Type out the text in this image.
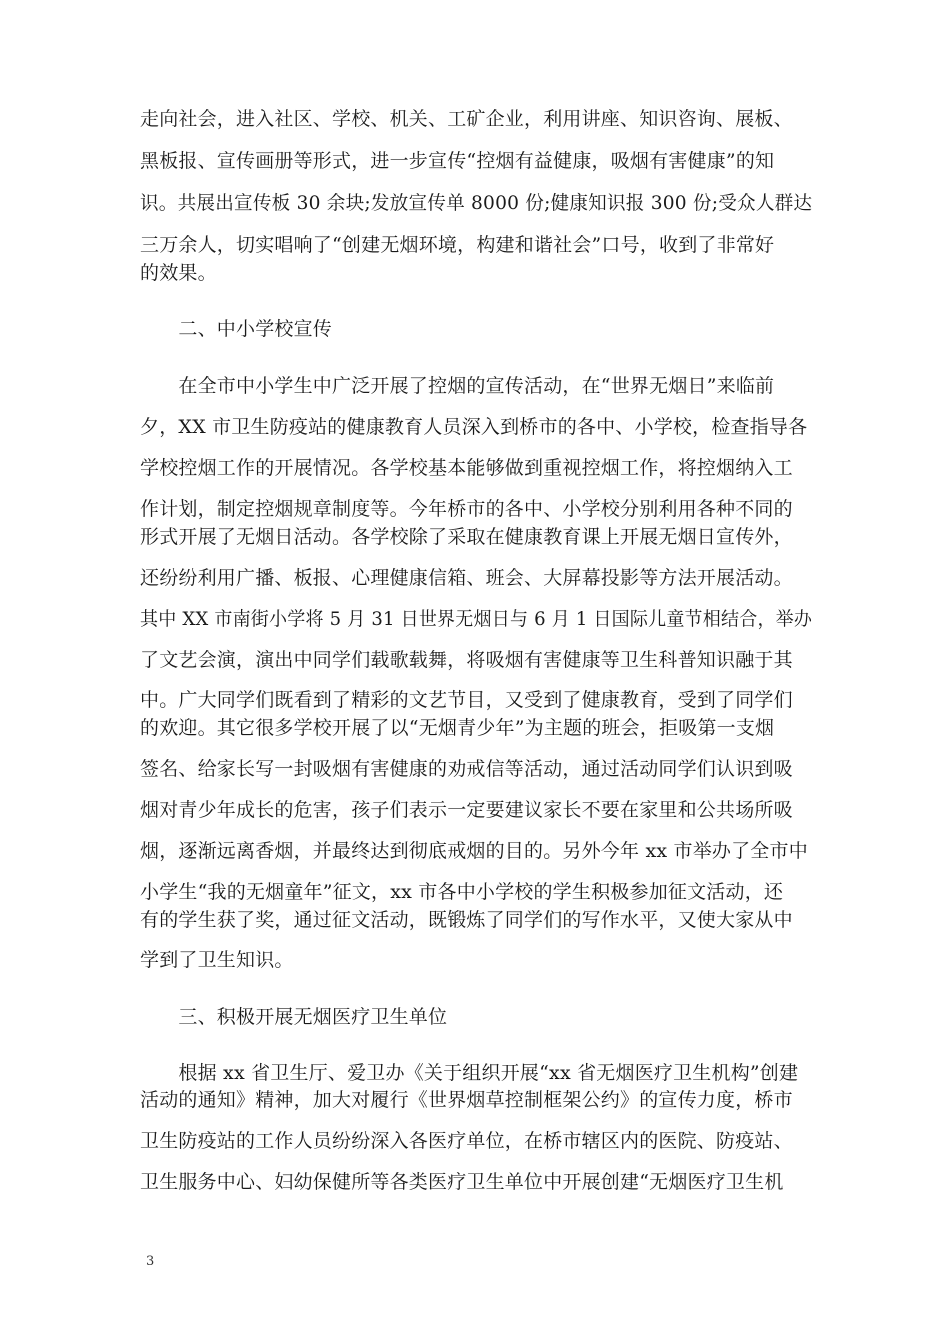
走向社会，进入社区、学校、机关、工矿企业，利用讲座、知识咨询、展板、
黑板报、宣传画册等形式，进一步宣传“控烟有益健康，吸烟有害健康”的知
识。共展出宣传板 30 余块;发放宣传单 8000 份;健康知识报 300 份;受众人群达
三万余人，切实唱响了“创建无烟环境，构建和谐社会”口号，收到了非常好
的效果。
　　二、中小学校宣传
　　在全市中小学生中广泛开展了控烟的宣传活动，在“世界无烟日”来临前
夕，XX 市卫生防疫站的健康教育人员深入到桥市的各中、小学校，检查指导各
学校控烟工作的开展情况。各学校基本能够做到重视控烟工作，将控烟纳入工
作计划，制定控烟规章制度等。今年桥市的各中、小学校分别利用各种不同的
形式开展了无烟日活动。各学校除了采取在健康教育课上开展无烟日宣传外，
还纷纷利用广播、板报、心理健康信箱、班会、大屏幕投影等方法开展活动。
其中 XX 市南街小学将 5 月 31 日世界无烟日与 6 月 1 日国际儿童节相结合，举办
了文艺会演，演出中同学们载歌载舞，将吸烟有害健康等卫生科普知识融于其
中。广大同学们既看到了精彩的文艺节目，又受到了健康教育，受到了同学们
的欢迎。其它很多学校开展了以“无烟青少年”为主题的班会，拒吸第一支烟
签名、给家长写一封吸烟有害健康的劝戒信等活动，通过活动同学们认识到吸
烟对青少年成长的危害，孩子们表示一定要建议家长不要在家里和公共场所吸
烟，逐渐远离香烟，并最终达到彻底戒烟的目的。另外今年 xx 市举办了全市中
小学生“我的无烟童年”征文，xx 市各中小学校的学生积极参加征文活动，还
有的学生获了奖，通过征文活动，既锻炼了同学们的写作水平，又使大家从中
学到了卫生知识。
　　三、积极开展无烟医疗卫生单位
　　根据 xx 省卫生厅、爱卫办《关于组织开展“xx 省无烟医疗卫生机构”创建
活动的通知》精神，加大对履行《世界烟草控制框架公约》的宣传力度，桥市
卫生防疫站的工作人员纷纷深入各医疗单位，在桥市辖区内的医院、防疫站、
卫生服务中心、妇幼保健所等各类医疗卫生单位中开展创建“无烟医疗卫生机
3
